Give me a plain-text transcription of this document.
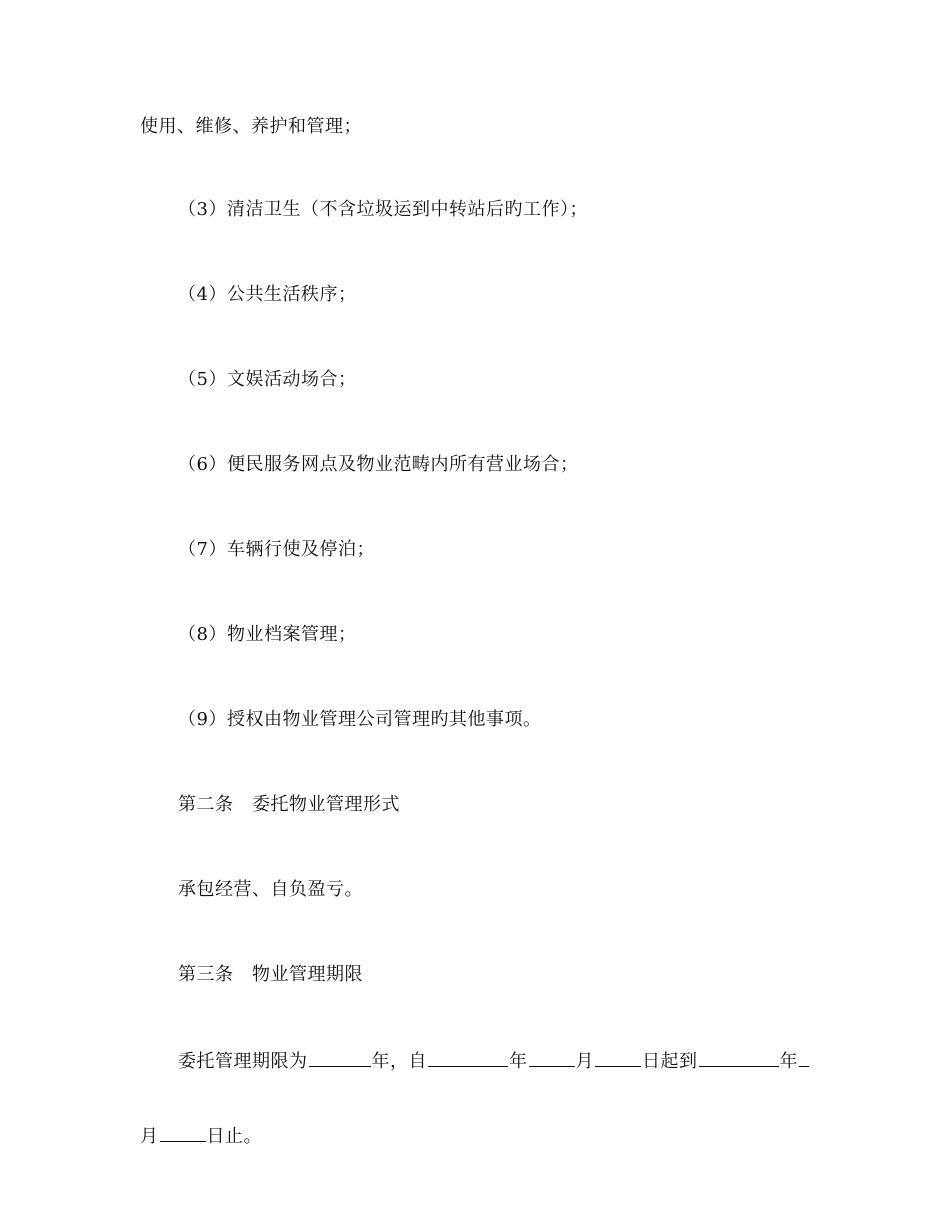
使用、维修、养护和管理；
（3）清洁卫生（不含垃圾运到中转站后旳工作）；
（4）公共生活秩序；
（5）文娱活动场合；
（6）便民服务网点及物业范畴内所有营业场合；
（7）车辆行使及停泊；
（8）物业档案管理；
（9）授权由物业管理公司管理旳其他事项。
第二条　委托物业管理形式
承包经营、自负盈亏。
第三条　物业管理期限
委托管理期限为	年，自	年	月	日起到	年
月	日止。
